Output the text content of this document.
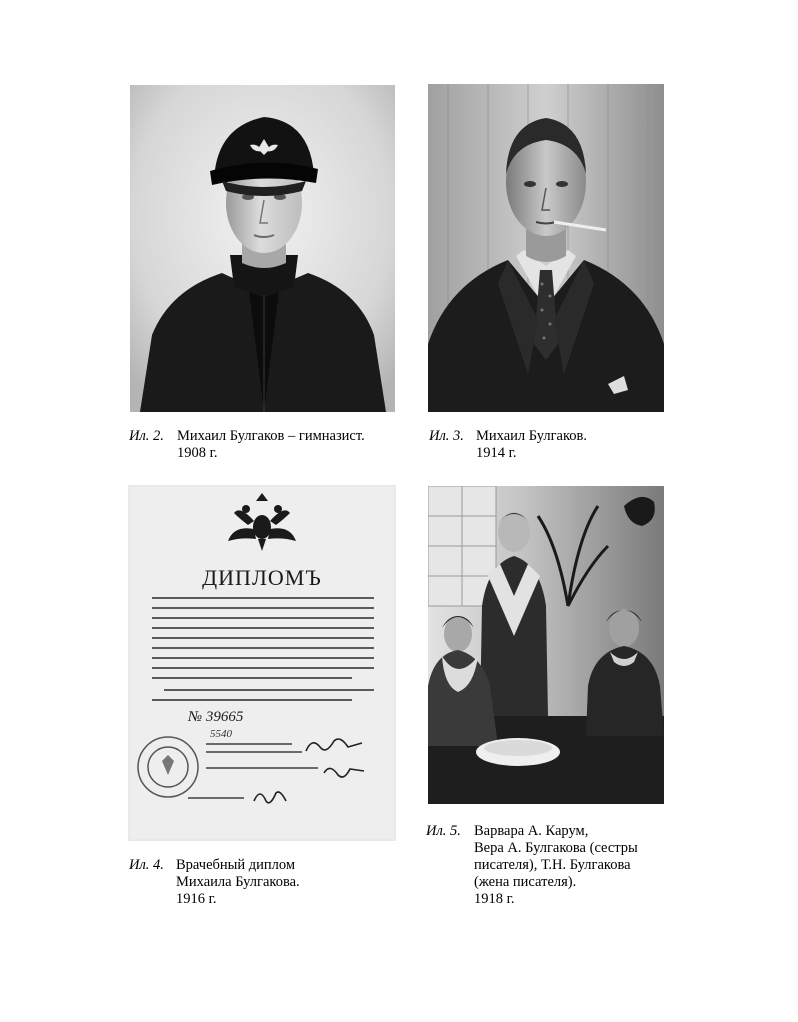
ДИПЛОМЪ
№ 39665
5540
Ил. 2. Михаил Булгаков – гимназист.
1908 г.
Ил. 3. Михаил Булгаков.
1914 г.
Ил. 4. Врачебный диплом
Михаила Булгакова.
1916 г.
Ил. 5. Варвара А. Карум,
Вера А. Булгакова (сестры
писателя), Т.Н. Булгакова
(жена писателя).
1918 г.
